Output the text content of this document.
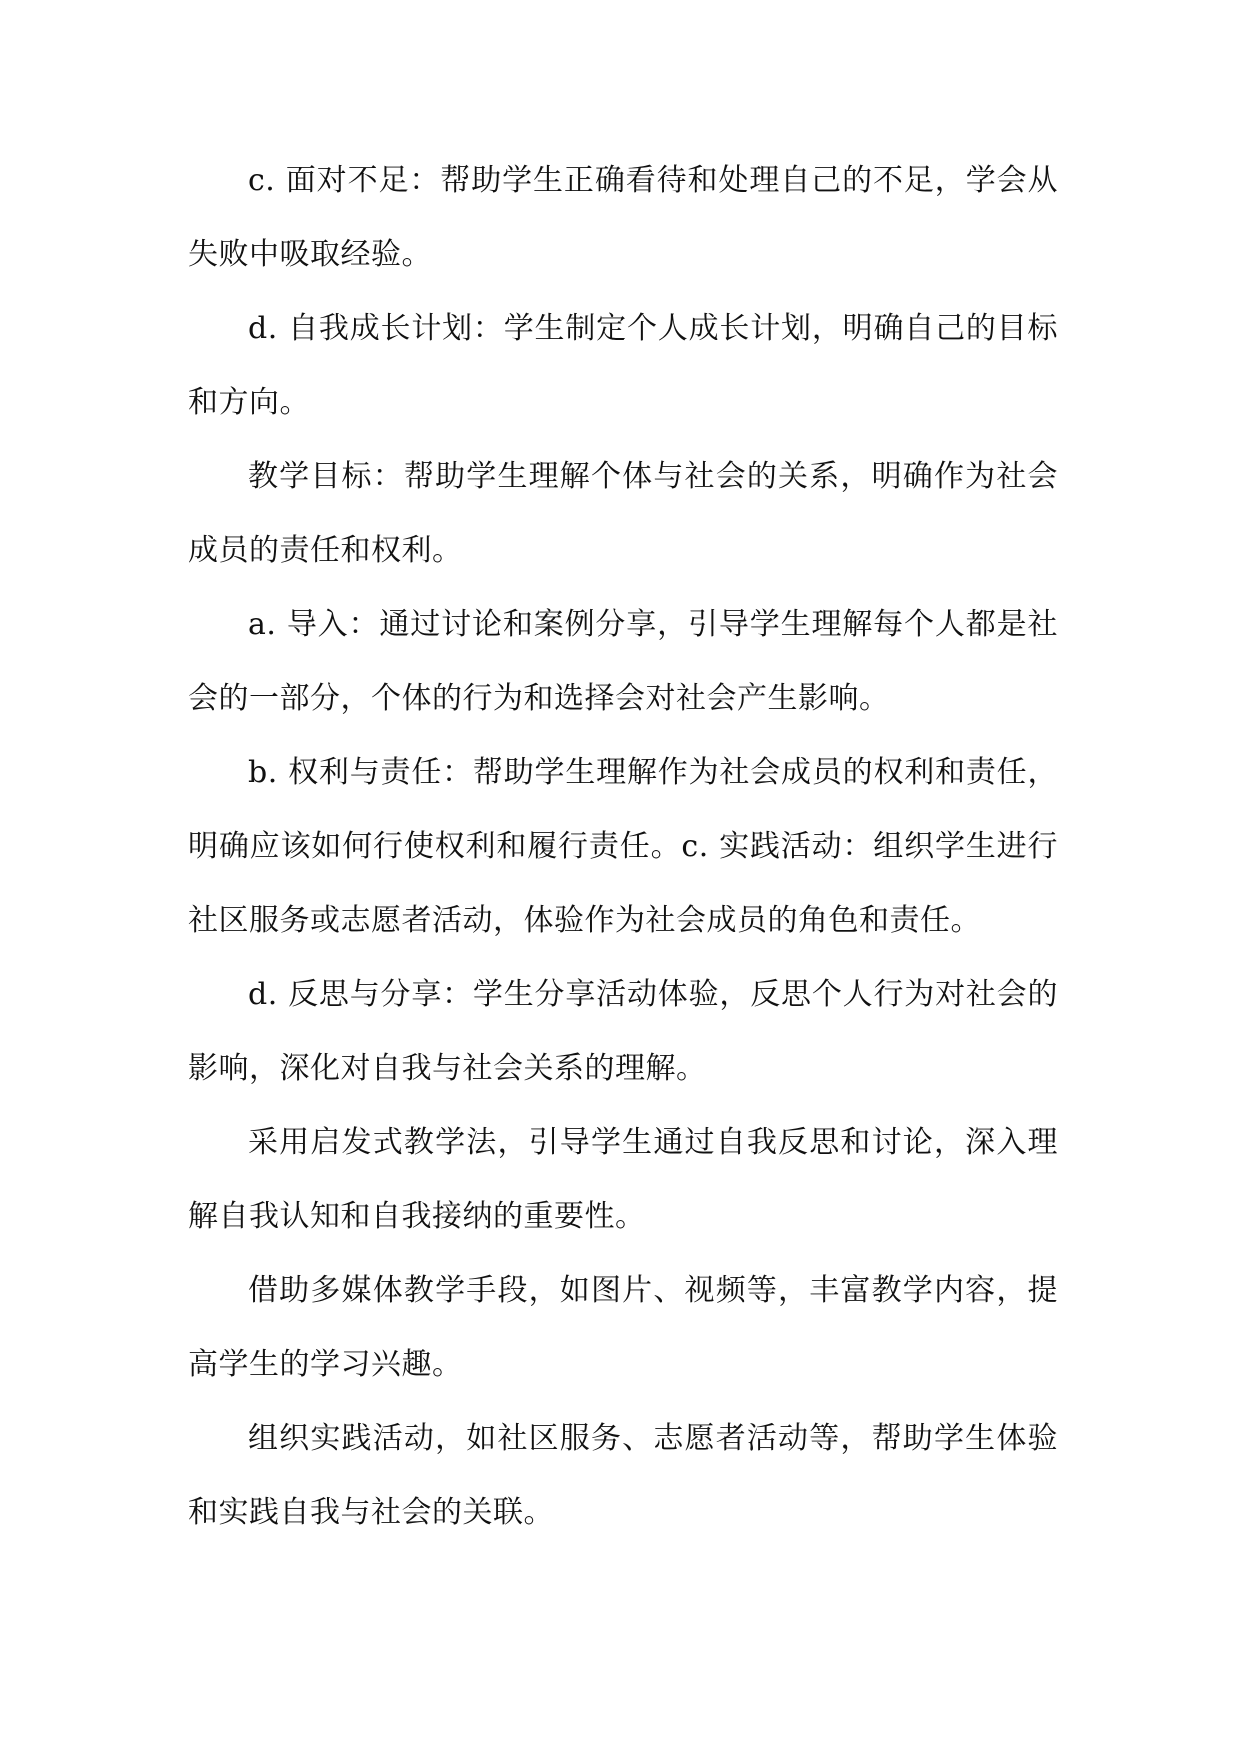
c. 面对不足：帮助学生正确看待和处理自己的不足，学会从失败中吸取经验。

d. 自我成长计划：学生制定个人成长计划，明确自己的目标和方向。

教学目标：帮助学生理解个体与社会的关系，明确作为社会成员的责任和权利。

a. 导入：通过讨论和案例分享，引导学生理解每个人都是社会的一部分，个体的行为和选择会对社会产生影响。

b. 权利与责任：帮助学生理解作为社会成员的权利和责任，明确应该如何行使权利和履行责任。c. 实践活动：组织学生进行社区服务或志愿者活动，体验作为社会成员的角色和责任。

d. 反思与分享：学生分享活动体验，反思个人行为对社会的影响，深化对自我与社会关系的理解。

采用启发式教学法，引导学生通过自我反思和讨论，深入理解自我认知和自我接纳的重要性。

借助多媒体教学手段，如图片、视频等，丰富教学内容，提高学生的学习兴趣。

组织实践活动，如社区服务、志愿者活动等，帮助学生体验和实践自我与社会的关联。
